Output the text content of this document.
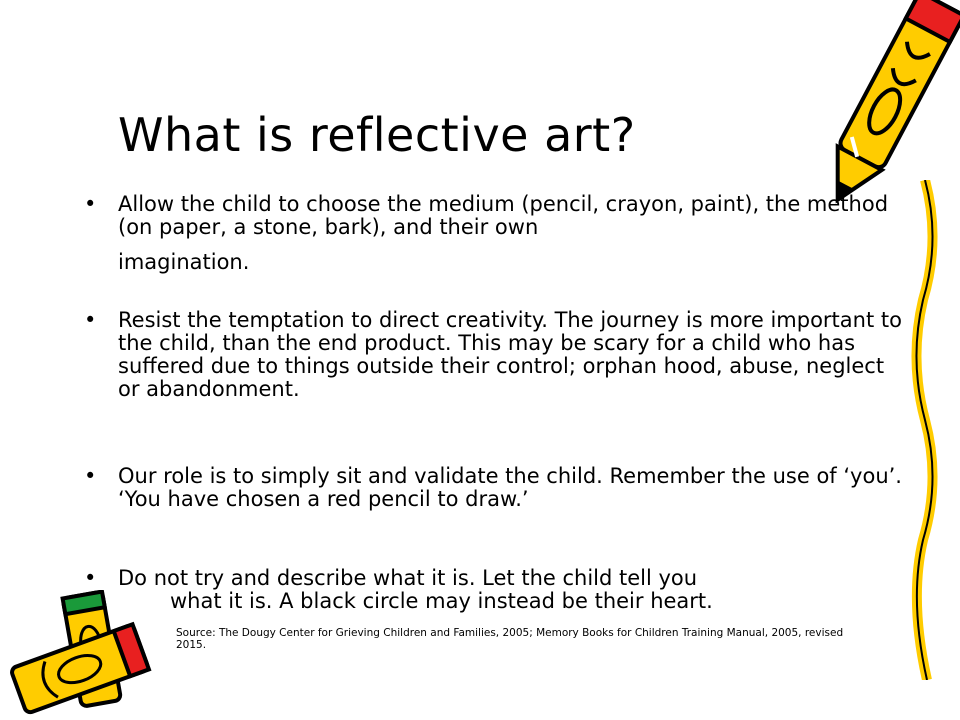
What is reflective art?
• Allow the child to choose the medium (pencil, crayon, paint), the method (on paper, a stone, bark), and their own
imagination.
• Resist the temptation to direct creativity. The journey is more important to the child, than the end product. This may be scary for a child who has suffered due to things outside their control; orphan hood, abuse, neglect or abandonment.
• Our role is to simply sit and validate the child. Remember the use of ‘you’. ‘You have chosen a red pencil to draw.’
• Do not try and describe what it is. Let the child tell you
what it is. A black circle may instead be their heart.
Source: The Dougy Center for Grieving Children and Families, 2005; Memory Books for Children Training Manual, 2005, revised 2015.
